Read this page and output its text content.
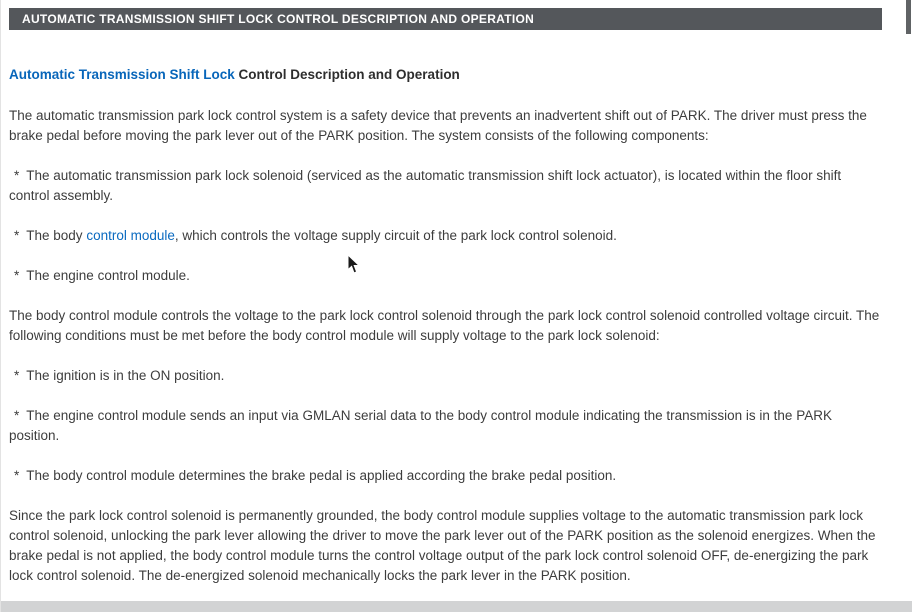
AUTOMATIC TRANSMISSION SHIFT LOCK CONTROL DESCRIPTION AND OPERATION
Automatic Transmission Shift Lock Control Description and Operation

The automatic transmission park lock control system is a safety device that prevents an inadvertent shift out of PARK. The driver must press the brake pedal before moving the park lever out of the PARK position. The system consists of the following components:

* The automatic transmission park lock solenoid (serviced as the automatic transmission shift lock actuator), is located within the floor shift control assembly.

* The body control module, which controls the voltage supply circuit of the park lock control solenoid.

* The engine control module.

The body control module controls the voltage to the park lock control solenoid through the park lock control solenoid controlled voltage circuit. The following conditions must be met before the body control module will supply voltage to the park lock solenoid:

* The ignition is in the ON position.

* The engine control module sends an input via GMLAN serial data to the body control module indicating the transmission is in the PARK position.

* The body control module determines the brake pedal is applied according the brake pedal position.

Since the park lock control solenoid is permanently grounded, the body control module supplies voltage to the automatic transmission park lock control solenoid, unlocking the park lever allowing the driver to move the park lever out of the PARK position as the solenoid energizes. When the brake pedal is not applied, the body control module turns the control voltage output of the park lock control solenoid OFF, de-energizing the park lock control solenoid. The de-energized solenoid mechanically locks the park lever in the PARK position.
